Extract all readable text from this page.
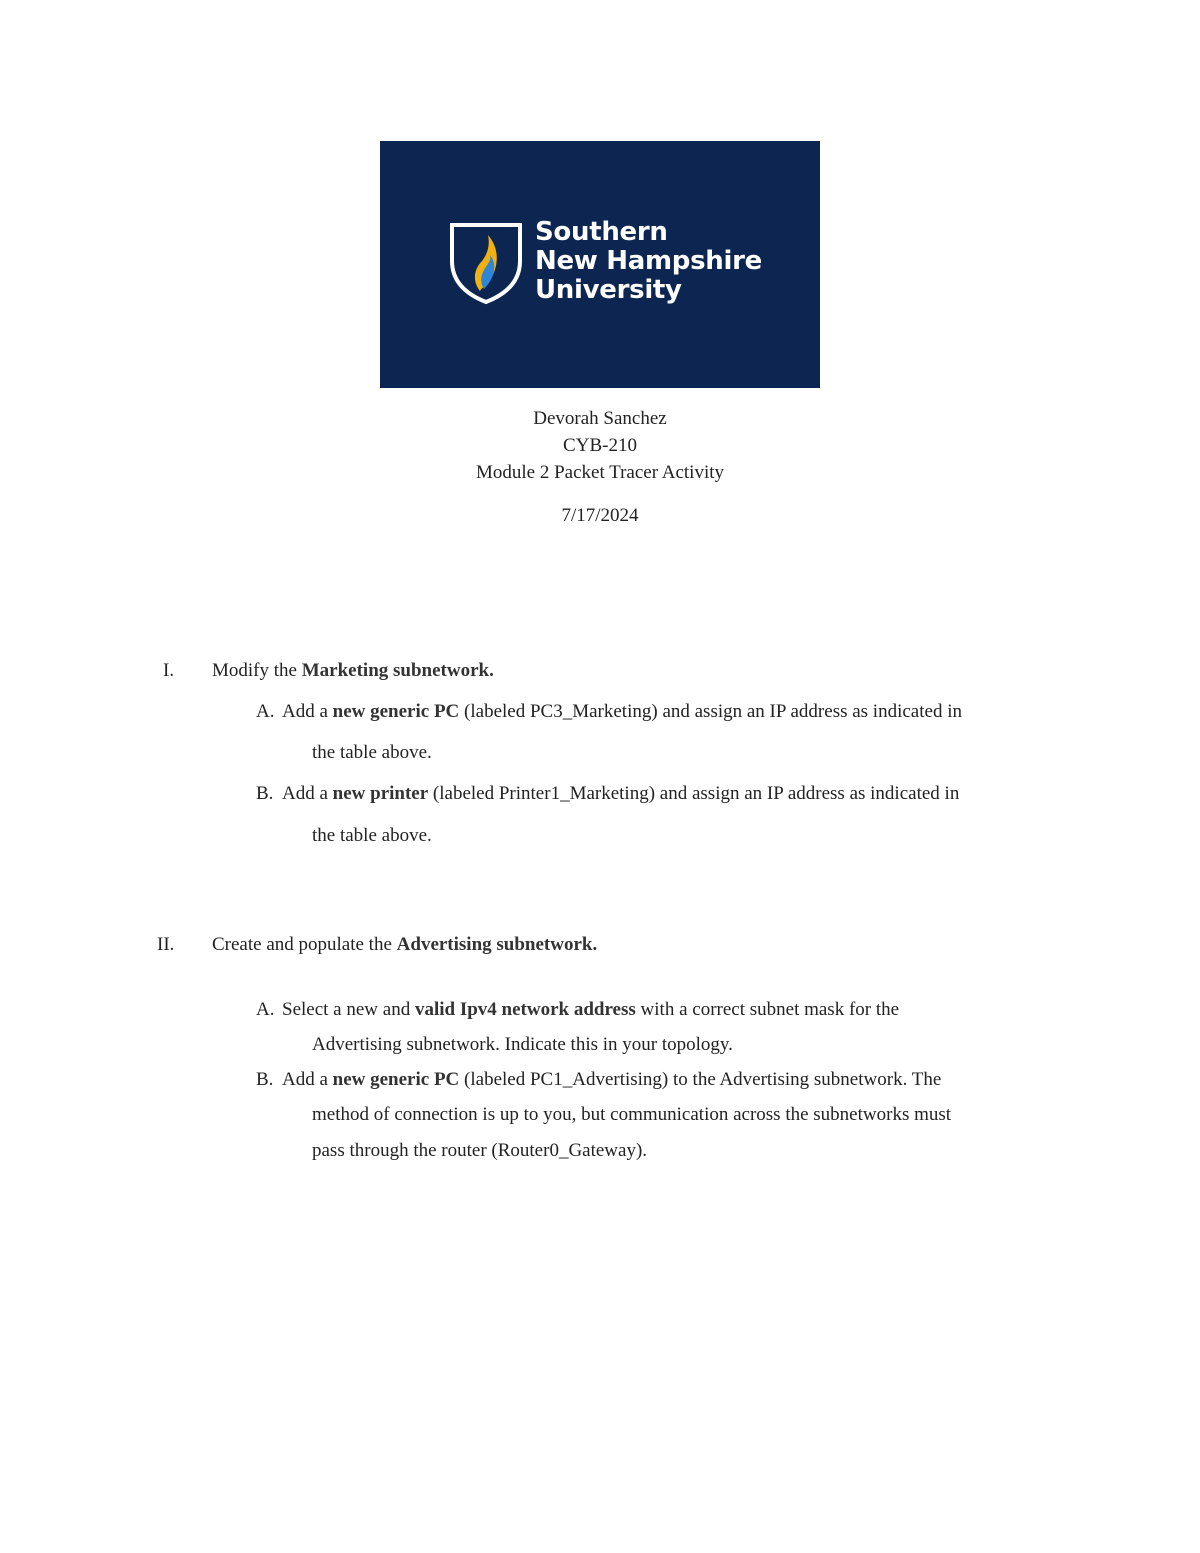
Southern
New Hampshire
University
Devorah Sanchez
CYB-210
Module 2 Packet Tracer Activity
7/17/2024
I. Modify the Marketing subnetwork.
A. Add a new generic PC (labeled PC3_Marketing) and assign an IP address as indicated in
the table above.
B. Add a new printer (labeled Printer1_Marketing) and assign an IP address as indicated in
the table above.
II. Create and populate the Advertising subnetwork.
A. Select a new and valid Ipv4 network address with a correct subnet mask for the
Advertising subnetwork. Indicate this in your topology.
B. Add a new generic PC (labeled PC1_Advertising) to the Advertising subnetwork. The
method of connection is up to you, but communication across the subnetworks must
pass through the router (Router0_Gateway).
